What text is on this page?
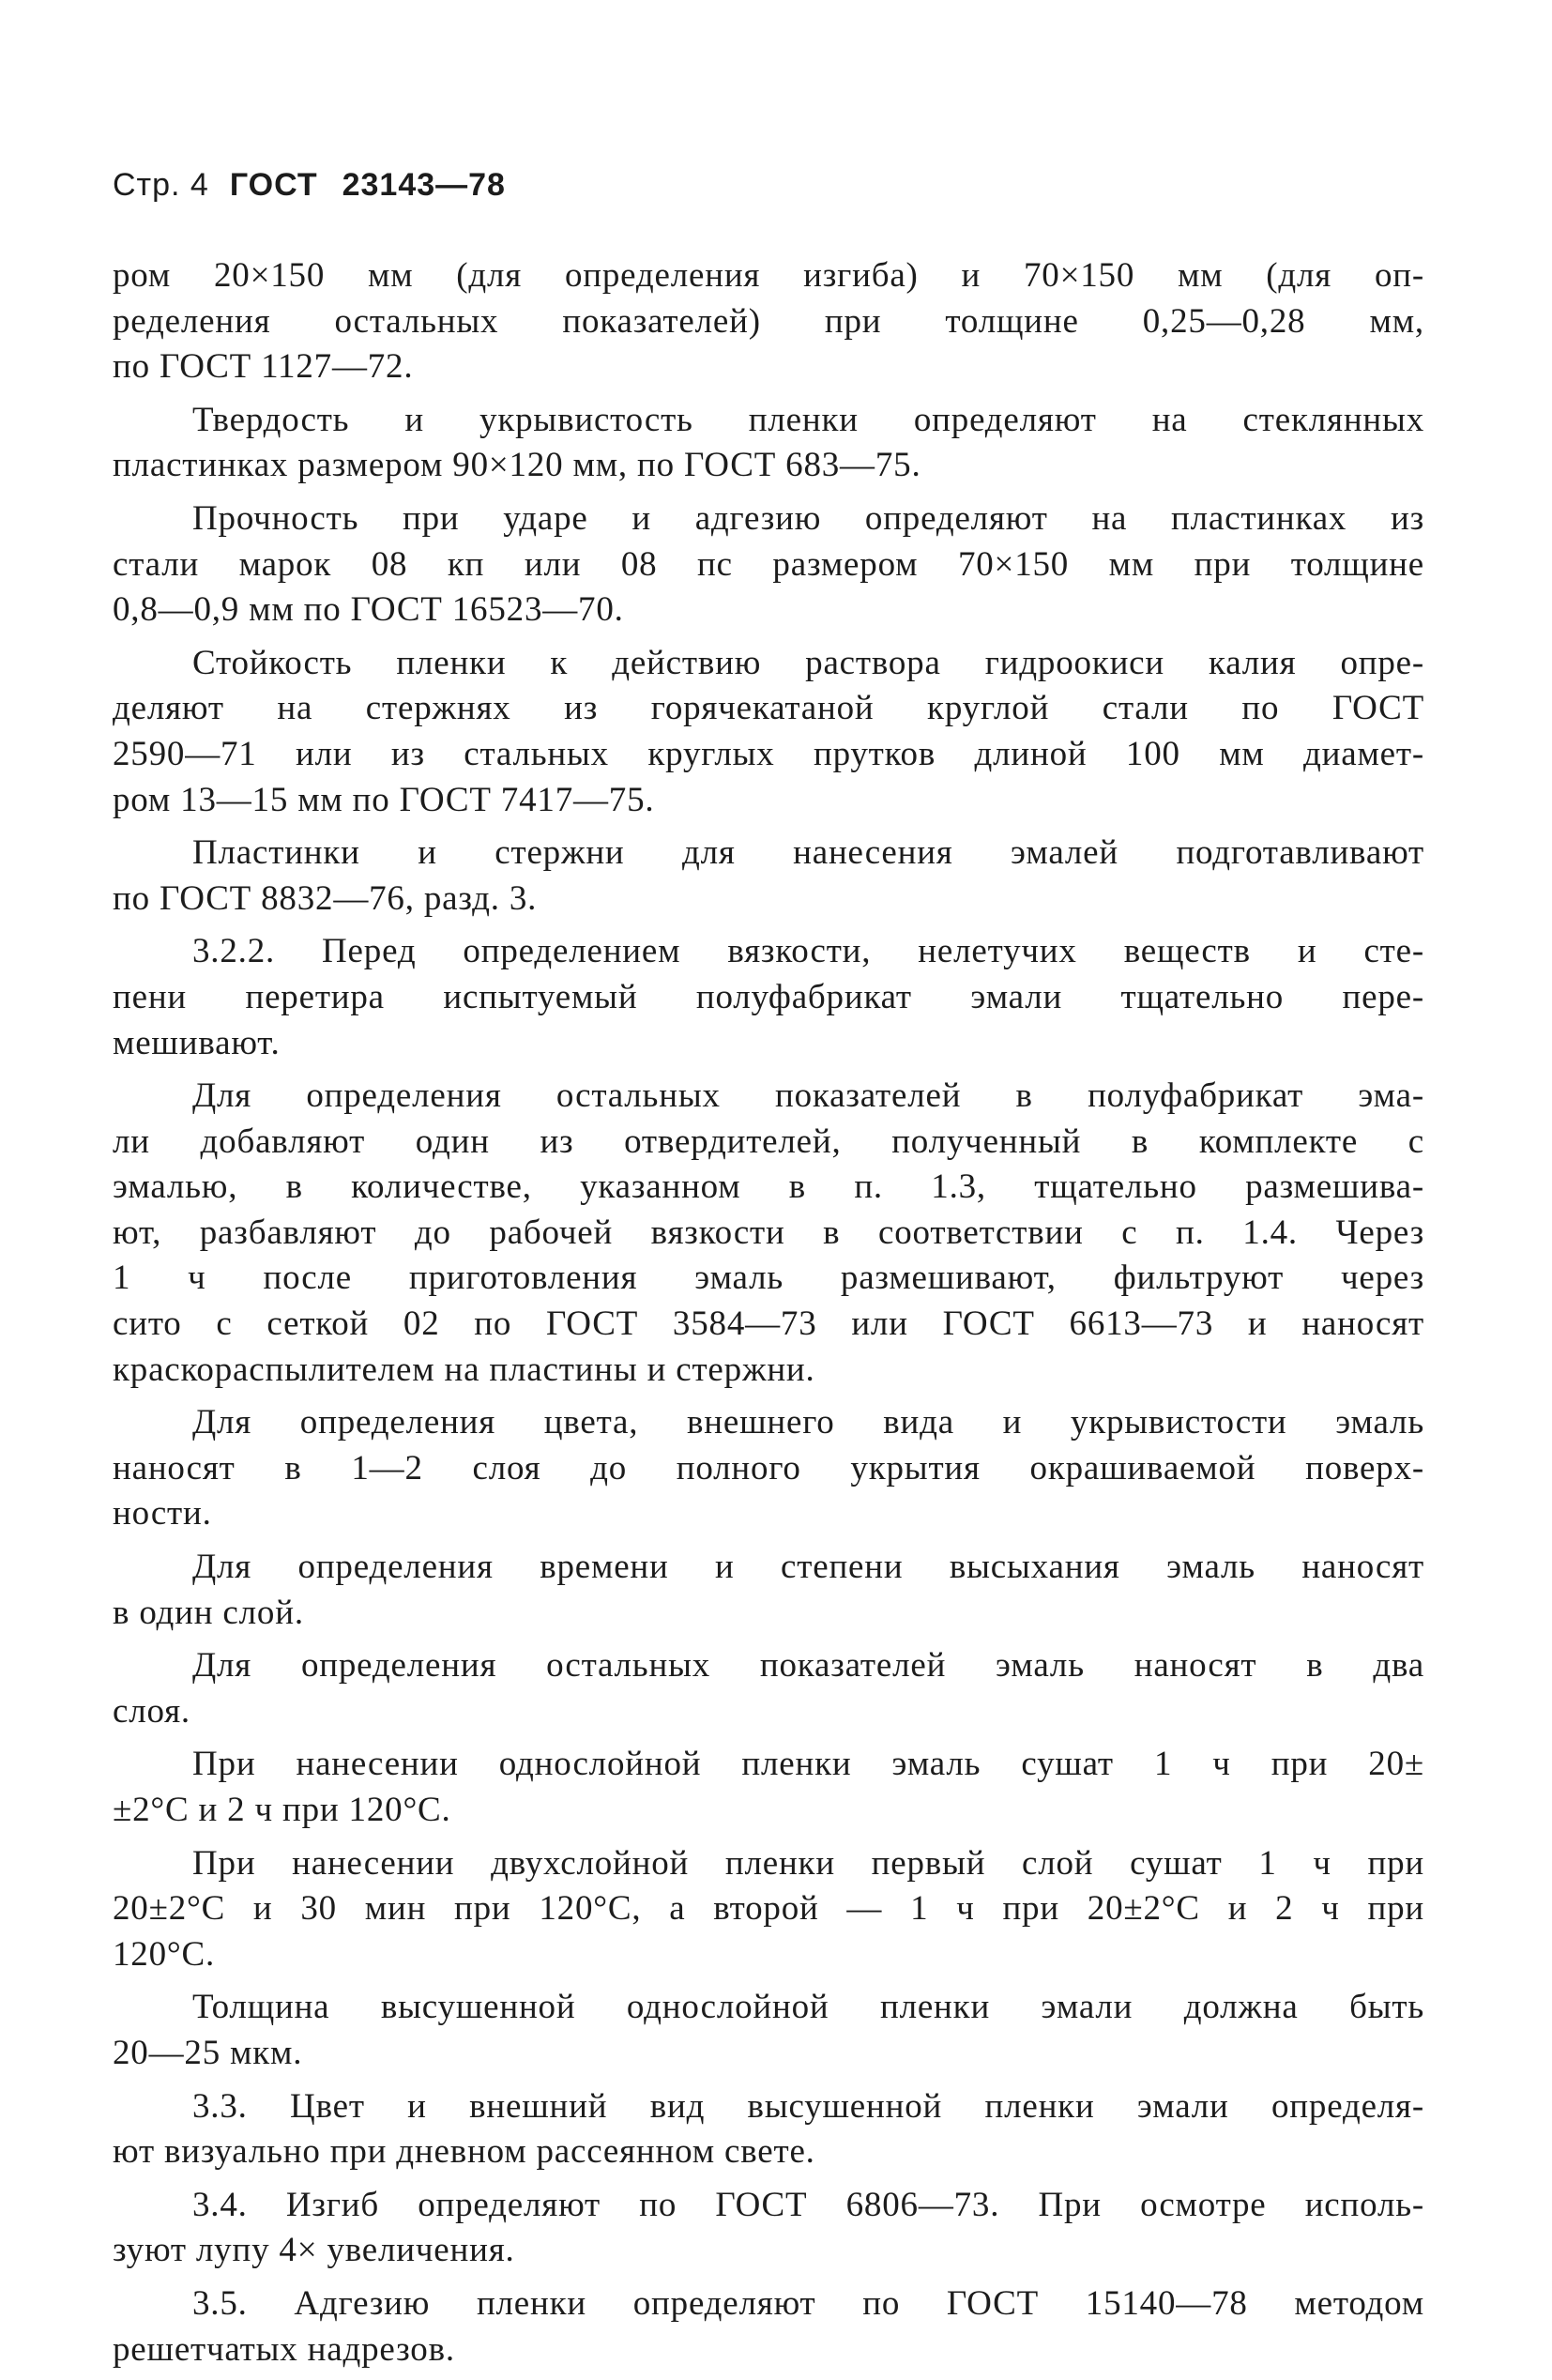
Стр. 4 ГОСТ 23143—78
ром 20×150 мм (для определения изгиба) и 70×150 мм (для оп-
ределения остальных показателей) при толщине 0,25—0,28 мм,
по ГОСТ 1127—72.
Твердость и укрывистость пленки определяют на стеклянных
пластинках размером 90×120 мм, по ГОСТ 683—75.
Прочность при ударе и адгезию определяют на пластинках из
стали марок 08 кп или 08 пс размером 70×150 мм при толщине
0,8—0,9 мм по ГОСТ 16523—70.
Стойкость пленки к действию раствора гидроокиси калия опре-
деляют на стержнях из горячекатаной круглой стали по ГОСТ
2590—71 или из стальных круглых прутков длиной 100 мм диамет-
ром 13—15 мм по ГОСТ 7417—75.
Пластинки и стержни для нанесения эмалей подготавливают
по ГОСТ 8832—76, разд. 3.
3.2.2. Перед определением вязкости, нелетучих веществ и сте-
пени перетира испытуемый полуфабрикат эмали тщательно пере-
мешивают.
Для определения остальных показателей в полуфабрикат эма-
ли добавляют один из отвердителей, полученный в комплекте с
эмалью, в количестве, указанном в п. 1.3, тщательно размешива-
ют, разбавляют до рабочей вязкости в соответствии с п. 1.4. Через
1 ч после приготовления эмаль размешивают, фильтруют через
сито с сеткой 02 по ГОСТ 3584—73 или ГОСТ 6613—73 и наносят
краскораспылителем на пластины и стержни.
Для определения цвета, внешнего вида и укрывистости эмаль
наносят в 1—2 слоя до полного укрытия окрашиваемой поверх-
ности.
Для определения времени и степени высыхания эмаль наносят
в один слой.
Для определения остальных показателей эмаль наносят в два
слоя.
При нанесении однослойной пленки эмаль сушат 1 ч при 20±
±2°С и 2 ч при 120°С.
При нанесении двухслойной пленки первый слой сушат 1 ч при
20±2°С и 30 мин при 120°С, а второй — 1 ч при 20±2°С и 2 ч при
120°С.
Толщина высушенной однослойной пленки эмали должна быть
20—25 мкм.
3.3. Цвет и внешний вид высушенной пленки эмали определя-
ют визуально при дневном рассеянном свете.
3.4. Изгиб определяют по ГОСТ 6806—73. При осмотре исполь-
зуют лупу 4× увеличения.
3.5. Адгезию пленки определяют по ГОСТ 15140—78 методом
решетчатых надрезов.
